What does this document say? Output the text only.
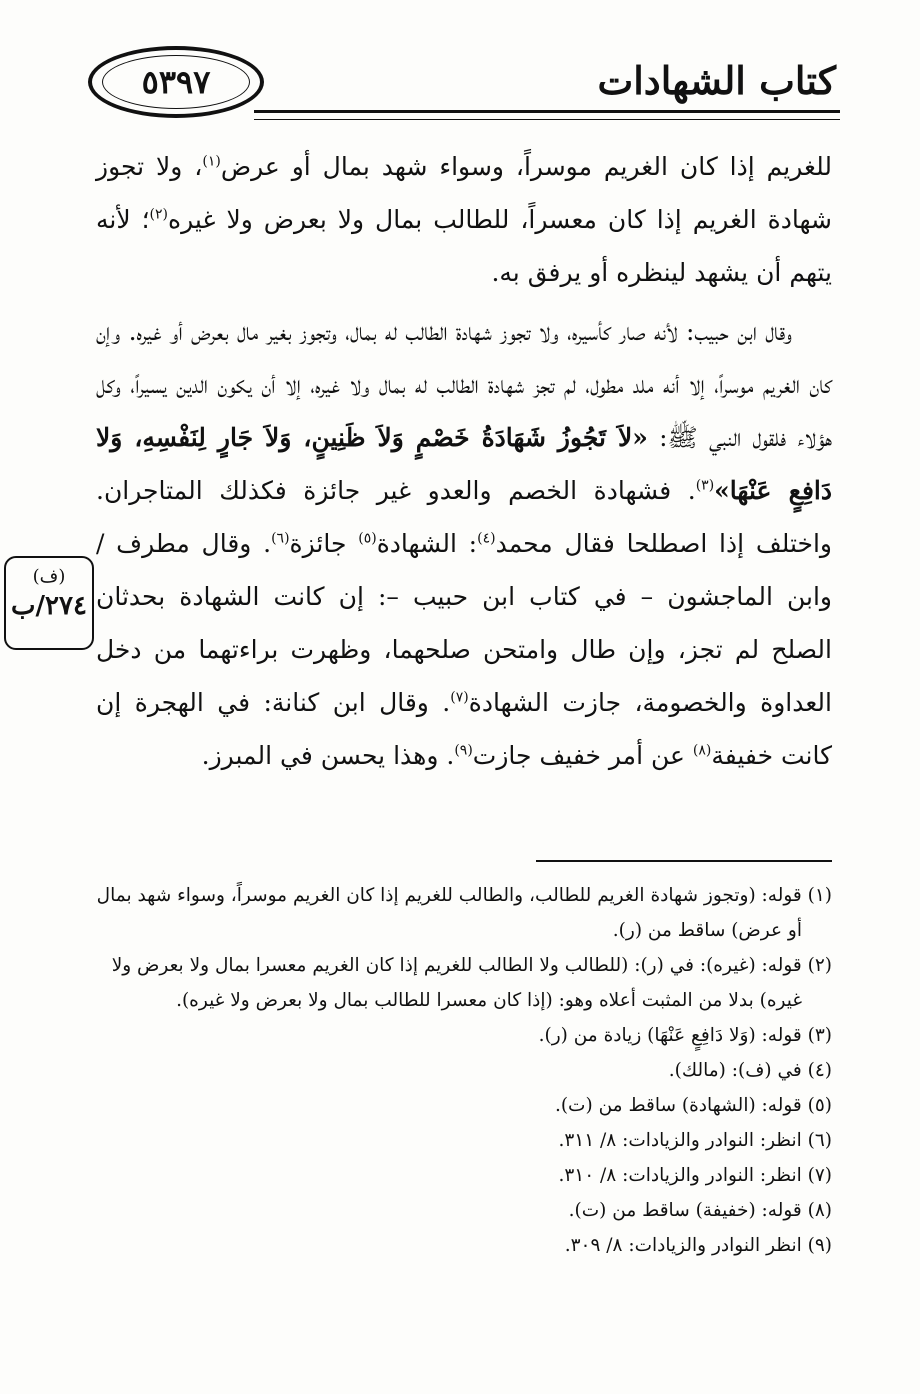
٥٣٩٧	كتاب الشهادات

للغريم إذا كان الغريم موسراً، وسواء شهد بمال أو عرض$^{(١)}$، ولا تجوز شهادة الغريم إذا كان معسراً، للطالب بمال ولا بعرض ولا غيره$^{(٢)}$؛ لأنه يتهم أن يشهد لينظره أو يرفق به.

وقال ابن حبيب: لأنه صار كأسيره، ولا تجوز شهادة الطالب له بمال، وتجوز بغير مال بعرض أو غيره. وإن كان الغريم موسراً، إلا أنه ملد مطول، لم تجز شهادة الطالب له بمال ولا غيره، إلا أن يكون الدين يسيراً، وكل هؤلاء فلقول النبي ﷺ: «لاَ تَجُوزُ شَهَادَةُ خَصْمٍ وَلاَ ظَنِينٍ، وَلاَ جَارٍ لِنَفْسِهِ، وَلا دَافِعٍ عَنْهَا»$^{(٣)}$. فشهادة الخصم والعدو غير جائزة فكذلك المتاجران. واختلف إذا اصطلحا فقال محمد$^{(٤)}$: الشهادة$^{(٥)}$ جائزة$^{(٦)}$. وقال مطرف / وابن الماجشون – في كتاب ابن حبيب –: إن كانت الشهادة بحدثان الصلح لم تجز، وإن طال وامتحن صلحهما، وظهرت براءتهما من دخل العداوة والخصومة، جازت الشهادة$^{(٧)}$. وقال ابن كنانة: في الهجرة إن كانت خفيفة$^{(٨)}$ عن أمر خفيف جازت$^{(٩)}$. وهذا يحسن في المبرز.

(ف)
٢٧٤/ب
(١) قوله: (وتجوز شهادة الغريم للطالب، والطالب للغريم إذا كان الغريم موسراً، وسواء شهد بمال أو عرض) ساقط من (ر).
(٢) قوله: (غيره): في (ر): (للطالب ولا الطالب للغريم إذا كان الغريم معسرا بمال ولا بعرض ولا غيره) بدلا من المثبت أعلاه وهو: (إذا كان معسرا للطالب بمال ولا بعرض ولا غيره).
(٣) قوله: (وَلا دَافِعٍ عَنْهَا) زيادة من (ر).
(٤) في (ف): (مالك).
(٥) قوله: (الشهادة) ساقط من (ت).
(٦) انظر: النوادر والزيادات: ٨/ ٣١١.
(٧) انظر: النوادر والزيادات: ٨/ ٣١٠.
(٨) قوله: (خفيفة) ساقط من (ت).
(٩) انظر النوادر والزيادات: ٨/ ٣٠٩.
